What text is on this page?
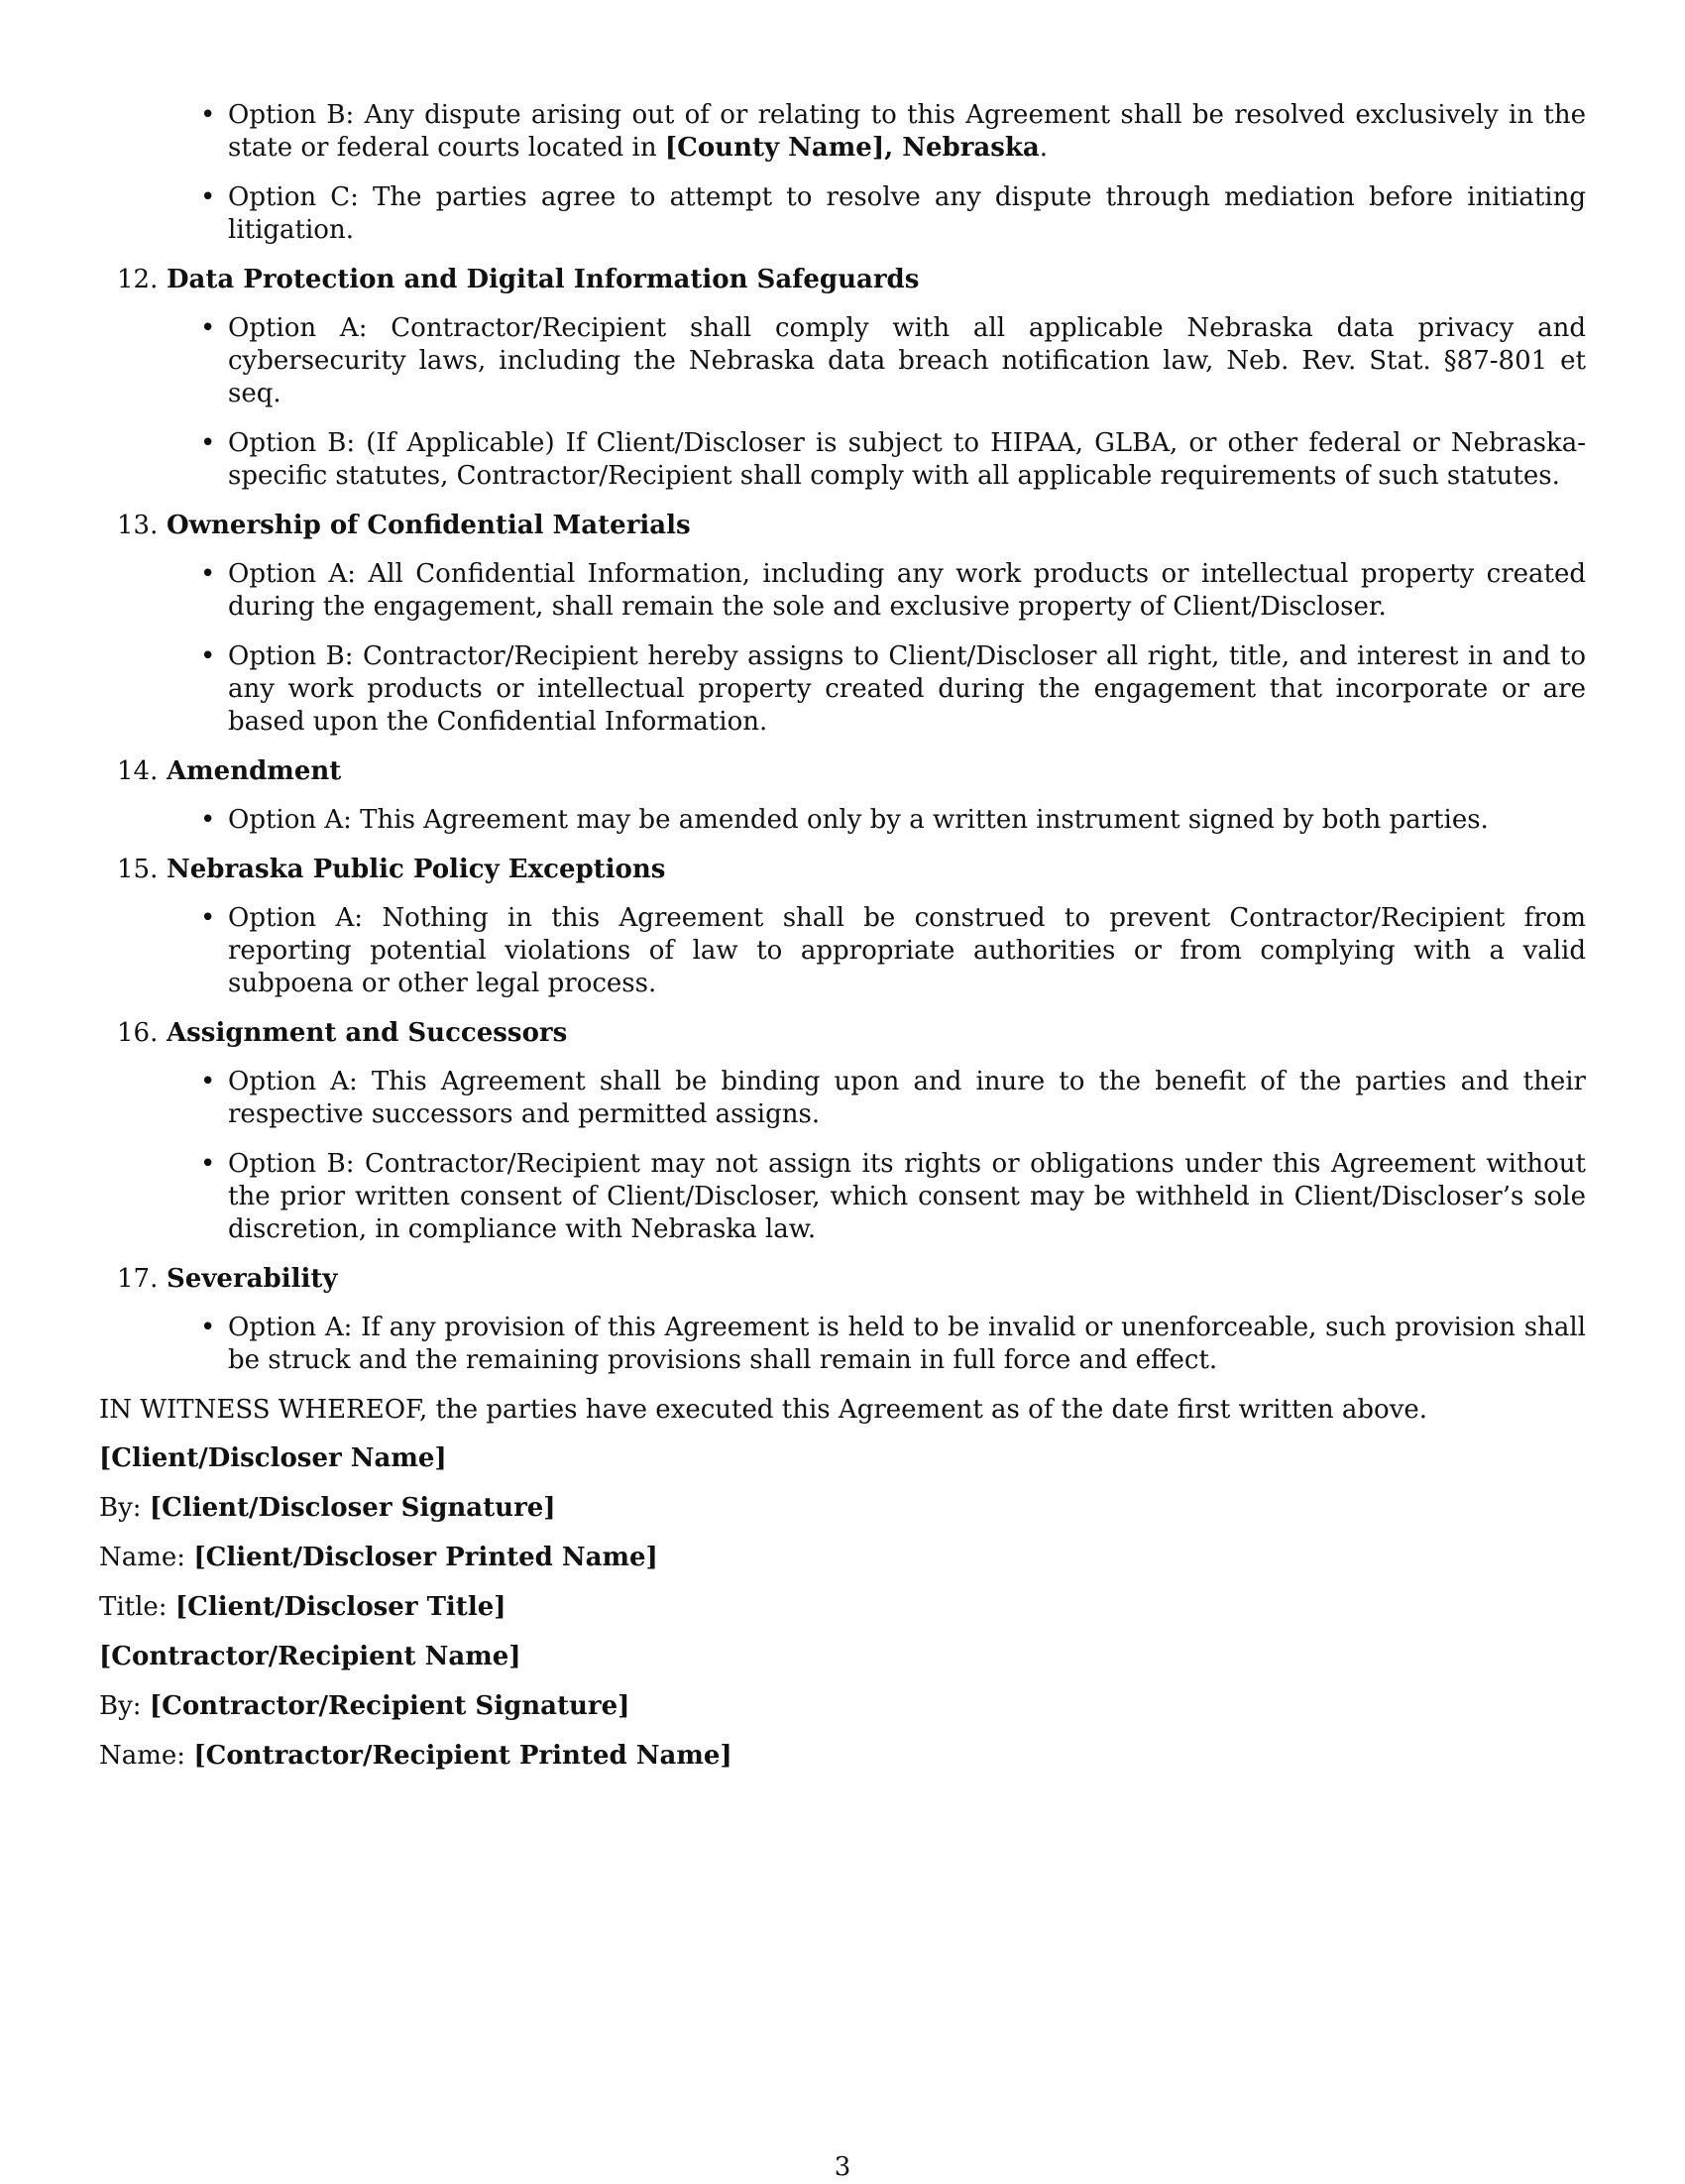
• Option B: Any dispute arising out of or relating to this Agreement shall be resolved exclusively in the state or federal courts located in [County Name], Nebraska.
• Option C: The parties agree to attempt to resolve any dispute through mediation before initiating litigation.
12. Data Protection and Digital Information Safeguards
• Option A: Contractor/Recipient shall comply with all applicable Nebraska data privacy and cybersecurity laws, including the Nebraska data breach notification law, Neb. Rev. Stat. §87-801 et seq.
• Option B: (If Applicable) If Client/Discloser is subject to HIPAA, GLBA, or other federal or Nebraska-specific statutes, Contractor/Recipient shall comply with all applicable requirements of such statutes.
13. Ownership of Confidential Materials
• Option A: All Confidential Information, including any work products or intellectual property created during the engagement, shall remain the sole and exclusive property of Client/Discloser.
• Option B: Contractor/Recipient hereby assigns to Client/Discloser all right, title, and interest in and to any work products or intellectual property created during the engagement that incorporate or are based upon the Confidential Information.
14. Amendment
• Option A: This Agreement may be amended only by a written instrument signed by both parties.
15. Nebraska Public Policy Exceptions
• Option A: Nothing in this Agreement shall be construed to prevent Contractor/Recipient from reporting potential violations of law to appropriate authorities or from complying with a valid subpoena or other legal process.
16. Assignment and Successors
• Option A: This Agreement shall be binding upon and inure to the benefit of the parties and their respective successors and permitted assigns.
• Option B: Contractor/Recipient may not assign its rights or obligations under this Agreement without the prior written consent of Client/Discloser, which consent may be withheld in Client/Discloser’s sole discretion, in compliance with Nebraska law.
17. Severability
• Option A: If any provision of this Agreement is held to be invalid or unenforceable, such provision shall be struck and the remaining provisions shall remain in full force and effect.

IN WITNESS WHEREOF, the parties have executed this Agreement as of the date first written above.

[Client/Discloser Name]

By: [Client/Discloser Signature]

Name: [Client/Discloser Printed Name]

Title: [Client/Discloser Title]

[Contractor/Recipient Name]

By: [Contractor/Recipient Signature]

Name: [Contractor/Recipient Printed Name]

3
